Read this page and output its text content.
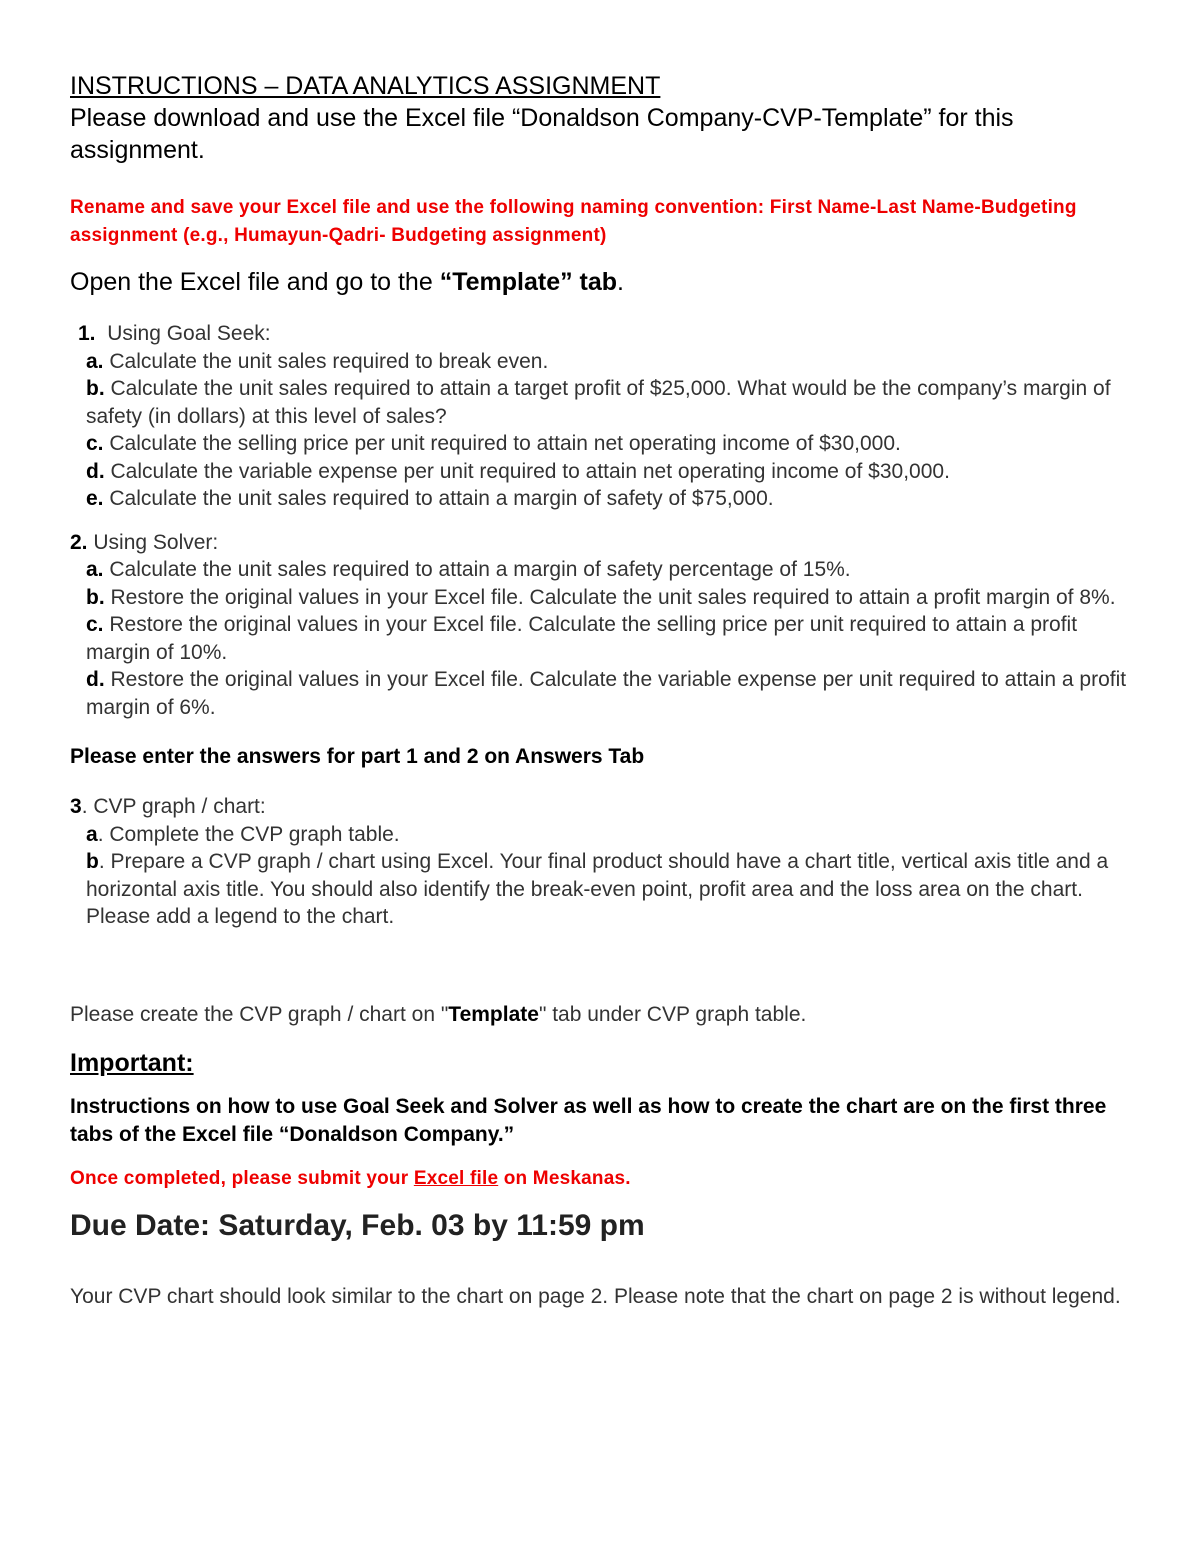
INSTRUCTIONS – DATA ANALYTICS ASSIGNMENT

Please download and use the Excel file “Donaldson Company-CVP-Template” for this assignment.

Rename and save your Excel file and use the following naming convention: First Name-Last Name-Budgeting assignment (e.g., Humayun-Qadri- Budgeting assignment)

Open the Excel file and go to the “Template” tab.

1. Using Goal Seek:
a. Calculate the unit sales required to break even.
b. Calculate the unit sales required to attain a target profit of $25,000. What would be the company’s margin of safety (in dollars) at this level of sales?
c. Calculate the selling price per unit required to attain net operating income of $30,000.
d. Calculate the variable expense per unit required to attain net operating income of $30,000.
e. Calculate the unit sales required to attain a margin of safety of $75,000.
2. Using Solver:
a. Calculate the unit sales required to attain a margin of safety percentage of 15%.
b. Restore the original values in your Excel file. Calculate the unit sales required to attain a profit margin of 8%.
c. Restore the original values in your Excel file. Calculate the selling price per unit required to attain a profit margin of 10%.
d. Restore the original values in your Excel file. Calculate the variable expense per unit required to attain a profit margin of 6%.
Please enter the answers for part 1 and 2 on Answers Tab
3. CVP graph / chart:
a. Complete the CVP graph table.
b. Prepare a CVP graph / chart using Excel. Your final product should have a chart title, vertical axis title and a horizontal axis title. You should also identify the break-even point, profit area and the loss area on the chart. Please add a legend to the chart.
Please create the CVP graph / chart on "Template" tab under CVP graph table.
Important:
Instructions on how to use Goal Seek and Solver as well as how to create the chart are on the first three tabs of the Excel file “Donaldson Company.”
Once completed, please submit your Excel file on Meskanas.
Due Date: Saturday, Feb. 03 by 11:59 pm
Your CVP chart should look similar to the chart on page 2. Please note that the chart on page 2 is without legend.
